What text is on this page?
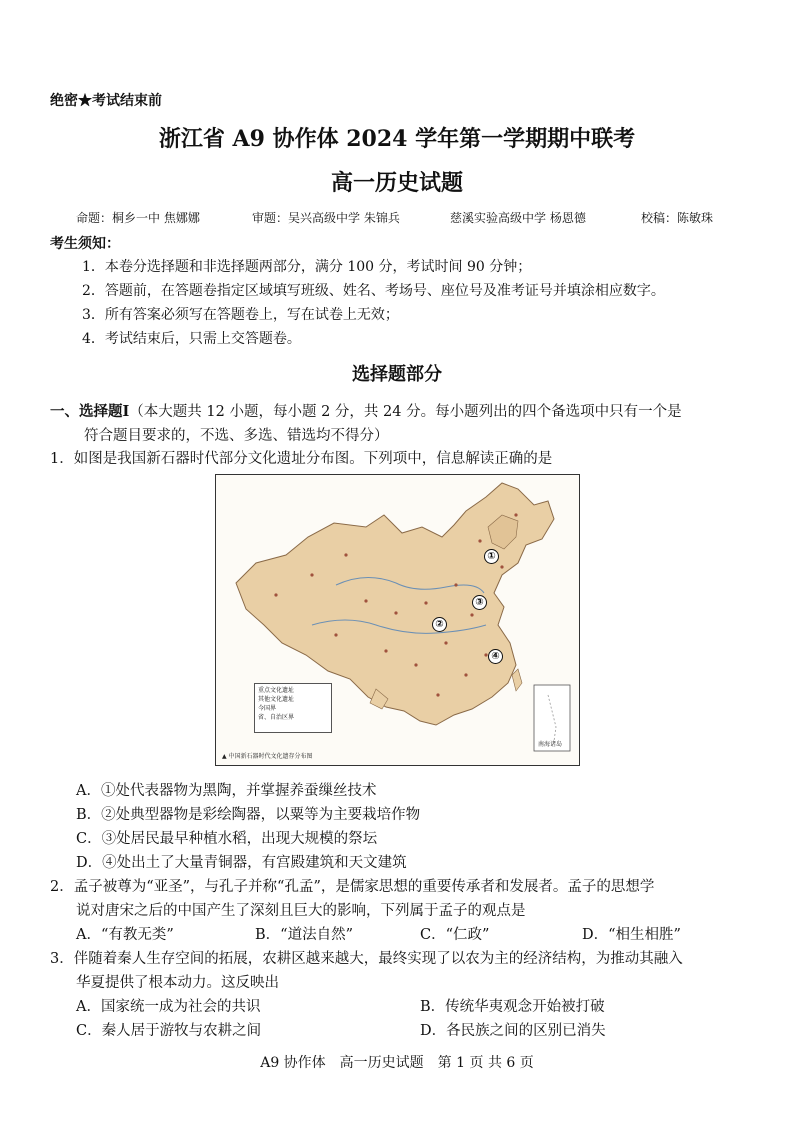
绝密★考试结束前
浙江省 A9 协作体 2024 学年第一学期期中联考
高一历史试题
命题：桐乡一中 焦娜娜	审题：吴兴高级中学 朱锦兵	慈溪实验高级中学 杨恩德	校稿：陈敏珠
考生须知：
1．本卷分选择题和非选择题两部分，满分 100 分，考试时间 90 分钟；
2．答题前，在答题卷指定区域填写班级、姓名、考场号、座位号及准考证号并填涂相应数字。
3．所有答案必须写在答题卷上，写在试卷上无效；
4．考试结束后，只需上交答题卷。
选择题部分
一、选择题Ⅰ（本大题共 12 小题，每小题 2 分，共 24 分。每小题列出的四个备选项中只有一个是
符合题目要求的，不选、多选、错选均不得分）
1．如图是我国新石器时代部分文化遗址分布图。下列项中，信息解读正确的是
①
②
③
④
重点文化遗址
其他文化遗址
今国界
省、自治区界
南海诸岛
▲ 中国新石器时代文化遗存分布图
A．①处代表器物为黑陶，并掌握养蚕缫丝技术
B．②处典型器物是彩绘陶器，以粟等为主要栽培作物
C．③处居民最早种植水稻，出现大规模的祭坛
D．④处出土了大量青铜器，有宫殿建筑和天文建筑
2．孟子被尊为“亚圣”，与孔子并称“孔孟”，是儒家思想的重要传承者和发展者。孟子的思想学
说对唐宋之后的中国产生了深刻且巨大的影响，下列属于孟子的观点是
A．“有教无类”	B．“道法自然”	C．“仁政”	D．“相生相胜”
3．伴随着秦人生存空间的拓展，农耕区越来越大，最终实现了以农为主的经济结构，为推动其融入
华夏提供了根本动力。这反映出
A．国家统一成为社会的共识	B．传统华夷观念开始被打破
C．秦人居于游牧与农耕之间	D．各民族之间的区别已消失
A9 协作体　高一历史试题　第 1 页 共 6 页
